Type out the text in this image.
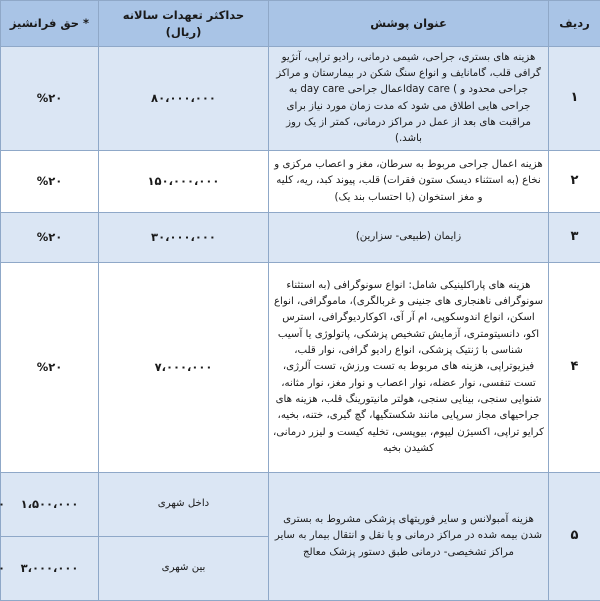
ردیف	عنوان پوشش	حداکثر تعهدات سالانه (ریال)	* حق فرانشیز	
۱	هزینه های بستری، جراحی، شیمی درمانی، رادیو تراپی، آنژیو گرافی قلب، گامانایف و انواع سنگ شکن در بیمارستان و مراکز جراحی محدود و ) day careاعمال جراحی day care به جراحی هایی اطلاق می شود که مدت زمان مورد نیاز برای مراقبت های بعد از عمل در مراکز درمانی، کمتر از یک روز باشد.)	۸۰،۰۰۰،۰۰۰	%۲۰	
۲	هزینه اعمال جراحی مربوط به سرطان، مغز و اعصاب مرکزی و نخاع (به استثناء دیسک ستون فقرات) قلب، پیوند کبد، ریه، کلیه و مغز استخوان (با احتساب بند یک)	۱۵۰،۰۰۰،۰۰۰	%۲۰	
۳	زایمان (طبیعی- سزارین)	۳۰،۰۰۰،۰۰۰	%۲۰	
۴	هزینه های پاراکلینیکی شامل: انواع سونوگرافی (به استثناء سونوگرافی ناهنجاری های جنینی و غربالگری)، ماموگرافی، انواع اسکن، انواع اندوسکوپی، ام آر آی، اکوکاردیوگرافی، استرس اکو، دانسیتومتری، آزمایش تشخیص پزشکی، پاتولوژی یا آسیب شناسی با ژنتیک پزشکی، انواع رادیو گرافی، نوار قلب، فیزیوتراپی، هزینه های مربوط به تست ورزش، تست آلرژی، تست تنفسی، نوار عضله، نوار اعصاب و نوار مغز، نوار مثانه، شنوایی سنجی، بینایی سنجی، هولتر مانیتورینگ قلب، هزینه های جراحیهای مجاز سرپایی مانند شکستگیها، گچ گیری، ختنه، بخیه، کرایو تراپی، اکسیژن لیپوم، بیوپسی، تخلیه کیست و لیزر درمانی، کشیدن بخیه	۷،۰۰۰،۰۰۰	%۲۰	
۵	هزینه آمبولانس و سایر فوریتهای پزشکی مشروط به بستری شدن بیمه شده در مراکز درمانی و یا نقل و انتقال بیمار به سایر مراکز تشخیصی- درمانی طبق دستور پزشک معالج	داخل شهری	۱،۵۰۰،۰۰۰	
		بین شهری	۳،۰۰۰،۰۰۰	
